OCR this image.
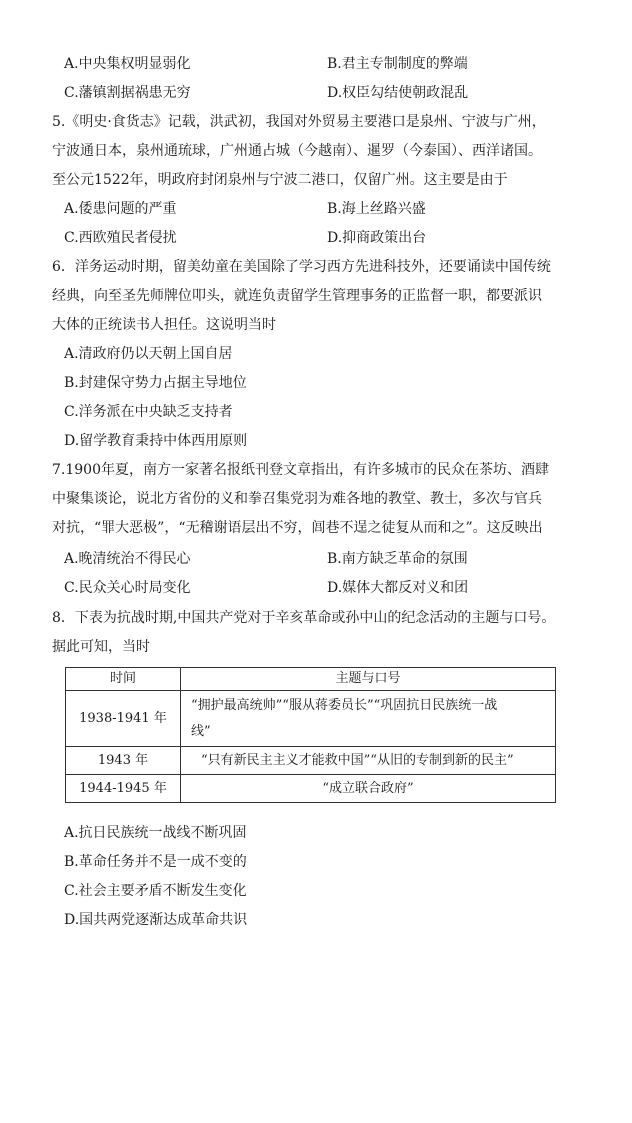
A.中央集权明显弱化	B.君主专制制度的弊端
C.藩镇割据祸患无穷	D.权臣勾结使朝政混乱
5.《明史·食货志》记载，洪武初，我国对外贸易主要港口是泉州、宁波与广州，
宁波通日本，泉州通琉球，广州通占城（今越南）、暹罗（今泰国）、西洋诸国。
至公元1522年，明政府封闭泉州与宁波二港口，仅留广州。这主要是由于
A.倭患问题的严重	B.海上丝路兴盛
C.西欧殖民者侵扰	D.抑商政策出台
6．洋务运动时期，留美幼童在美国除了学习西方先进科技外，还要诵读中国传统
经典，向至圣先师牌位叩头，就连负责留学生管理事务的正监督一职，都要派识
大体的正统读书人担任。这说明当时
A.清政府仍以天朝上国自居
B.封建保守势力占据主导地位
C.洋务派在中央缺乏支持者
D.留学教育秉持中体西用原则
7.1900年夏，南方一家著名报纸刊登文章指出，有许多城市的民众在茶坊、酒肆
中聚集谈论，说北方省份的义和拳召集党羽为难各地的教堂、教士，多次与官兵
对抗，“罪大恶极”，“无稽谢语层出不穷，闾巷不逞之徒复从而和之”。这反映出
A.晚清统治不得民心	B.南方缺乏革命的氛围
C.民众关心时局变化	D.媒体大都反对义和团
8．下表为抗战时期,中国共产党对于辛亥革命或孙中山的纪念活动的主题与口号。
据此可知，当时
时间	主题与口号
1938-1941 年	“拥护最高统帅”“服从蒋委员长”“巩固抗日民族统一战
线”

1943 年	“只有新民主主义才能救中国”“从旧的专制到新的民主”
1944-1945 年	“成立联合政府”
A.抗日民族统一战线不断巩固
B.革命任务并不是一成不变的
C.社会主要矛盾不断发生变化
D.国共两党逐渐达成革命共识
